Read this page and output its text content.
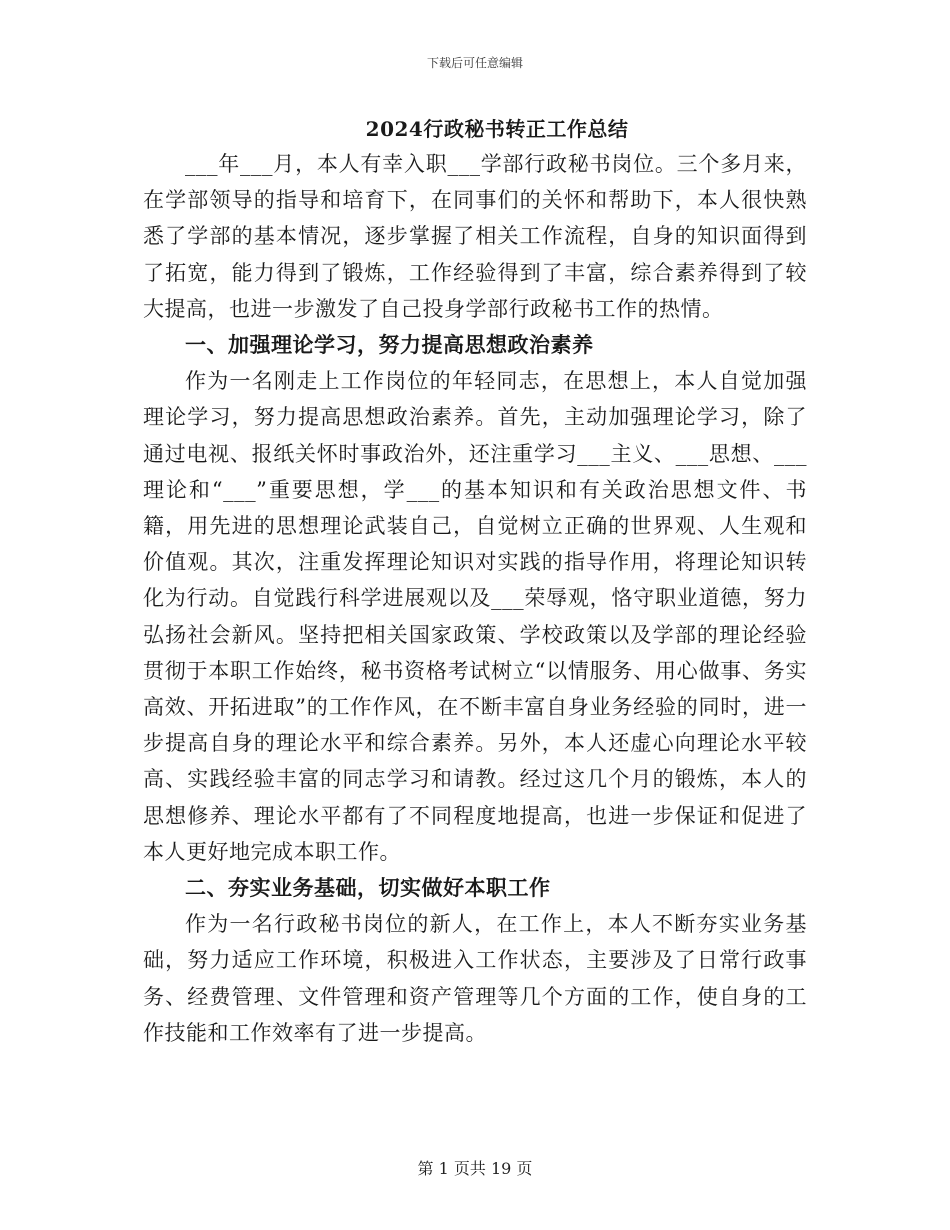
下载后可任意编辑
2024行政秘书转正工作总结

___年___月，本人有幸入职___学部行政秘书岗位。三个多月来，在学部领导的指导和培育下，在同事们的关怀和帮助下，本人很快熟悉了学部的基本情况，逐步掌握了相关工作流程，自身的知识面得到了拓宽，能力得到了锻炼，工作经验得到了丰富，综合素养得到了较大提高，也进一步激发了自己投身学部行政秘书工作的热情。

一、加强理论学习，努力提高思想政治素养

作为一名刚走上工作岗位的年轻同志，在思想上，本人自觉加强理论学习，努力提高思想政治素养。首先，主动加强理论学习，除了通过电视、报纸关怀时事政治外，还注重学习___主义、___思想、___理论和“___”重要思想，学___的基本知识和有关政治思想文件、书籍，用先进的思想理论武装自己，自觉树立正确的世界观、人生观和价值观。其次，注重发挥理论知识对实践的指导作用，将理论知识转化为行动。自觉践行科学进展观以及___荣辱观，恪守职业道德，努力弘扬社会新风。坚持把相关国家政策、学校政策以及学部的理论经验贯彻于本职工作始终，秘书资格考试树立“以情服务、用心做事、务实高效、开拓进取”的工作作风，在不断丰富自身业务经验的同时，进一步提高自身的理论水平和综合素养。另外，本人还虚心向理论水平较高、实践经验丰富的同志学习和请教。经过这几个月的锻炼，本人的思想修养、理论水平都有了不同程度地提高，也进一步保证和促进了本人更好地完成本职工作。

二、夯实业务基础，切实做好本职工作

作为一名行政秘书岗位的新人，在工作上，本人不断夯实业务基础，努力适应工作环境，积极进入工作状态，主要涉及了日常行政事务、经费管理、文件管理和资产管理等几个方面的工作，使自身的工作技能和工作效率有了进一步提高。

第 1 页共 19 页
